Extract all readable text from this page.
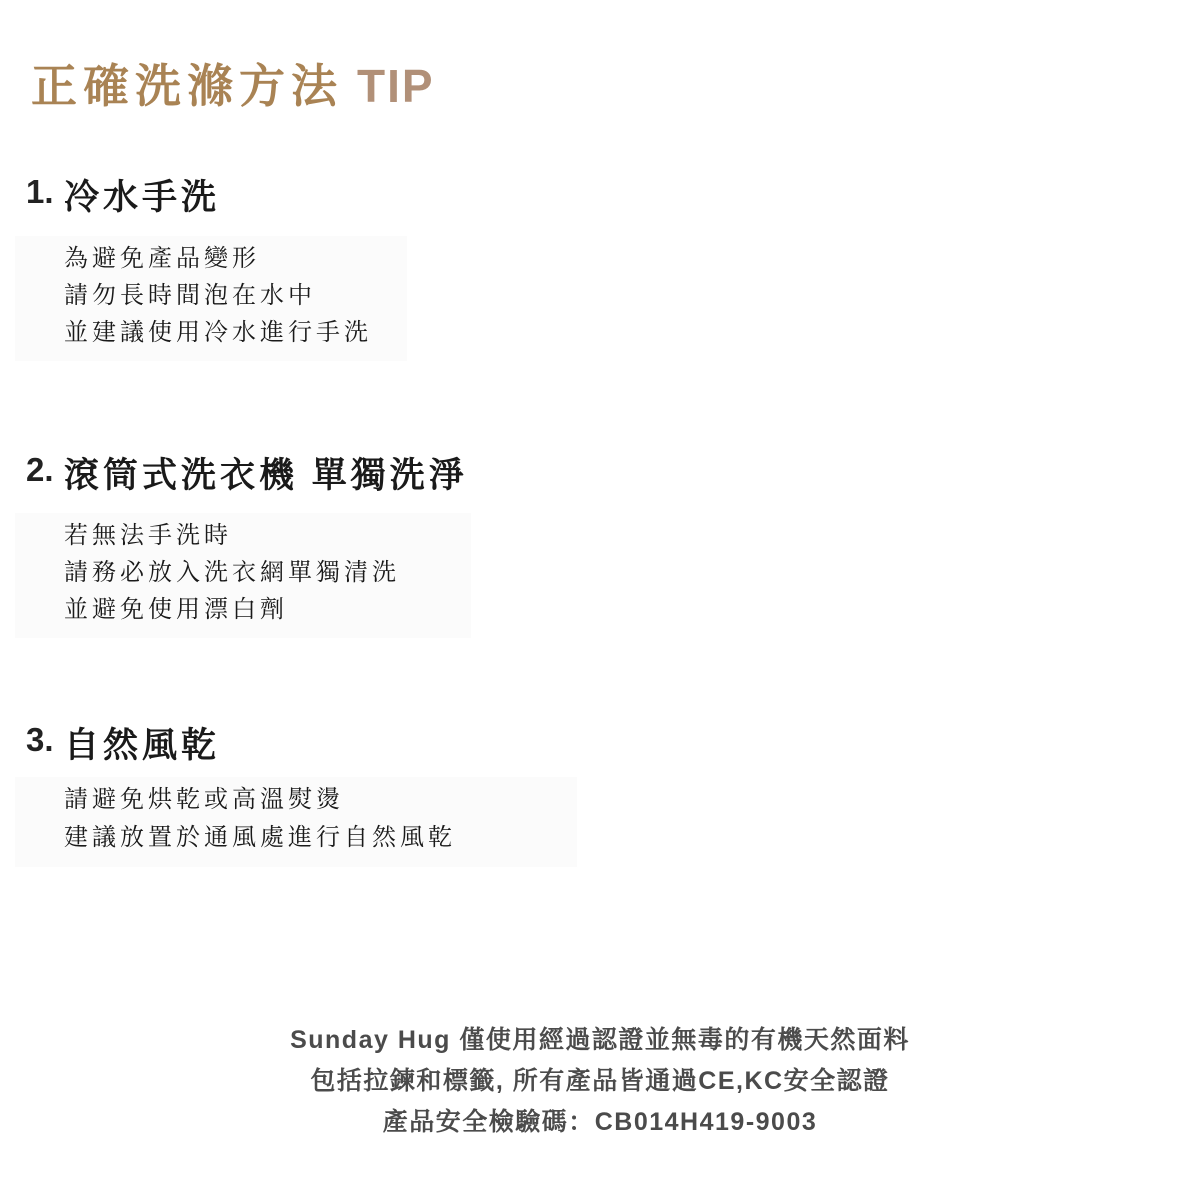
正確洗滌方法 TIP
1. 冷水手洗
為避免產品變形
請勿長時間泡在水中
並建議使用冷水進行手洗
2. 滾筒式洗衣機 單獨洗淨
若無法手洗時
請務必放入洗衣網單獨清洗
並避免使用漂白劑
3. 自然風乾
請避免烘乾或高溫熨燙
建議放置於通風處進行自然風乾
Sunday Hug 僅使用經過認證並無毒的有機天然面料
包括拉鍊和標籤, 所有產品皆通過CE,KC安全認證
產品安全檢驗碼：CB014H419-9003
